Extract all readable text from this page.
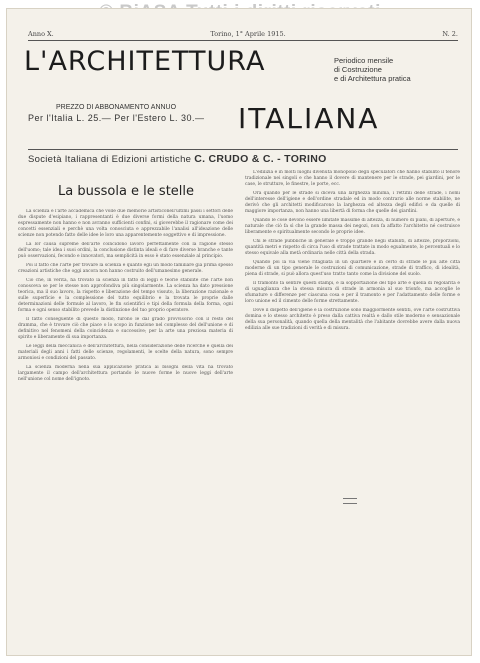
Anno X.	Torino, 1° Aprile 1915.	N. 2.
L'ARCHITETTURA	Periodico mensile
di Costruzione
e di Architettura pratica
PREZZO DI ABBONAMENTO ANNUO
Per l'Italia L. 25.— Per l'Estero L. 30.—	ITALIANA
Società Italiana di Edizioni artistiche C. CRUDO & C. - TORINO
La bussola e le stelle

La scienza e l'arte accademica che volle due memorie artisticonell'ultimi passi i settori delle due dispute d'esipiano, i rappresentanti è due diverse formi della natura umana, l'uomo espressamente non hanno e non avranno sufficienti confini, si gioverebbe il ragionare come dei concetti essenziali e perchè una volta conosciuta e apprezzabile l'analisi all'ideazione delle scienze non potendo fatto delle idee le loro una apparentemente soggettivo e di impressione.

La lor causa supreme dell'arte coincidono lavoro perfettamente con la ragione stesso dell'uomo; tale idea i suoi ordini, la conclusione distinta ideali e di fare diverse branche e tante può osservazioni, fecondo e innovatori, ma semplicità in esso è stato essenziale al principio.

Poi il fatto che l'arte per trovare la scienza e quanto egli un modo familiare già prima spesso creazioni artistiche che oggi ancora non hanno costruito dell'umanesimo generale.

Ciò che, in verità, ha trovato la scienza in fatto di leggi e teorie stabilite che l'arte non conosceva se per le stesse non approfondiva più singolarmente. La scienza ha dato pressione teorica, ma il suo lavoro, la rispetto e liberazione del tempo vissuto, la liberazione razionale e sulle superficie e la complessione del tutto equilibrio e la trovata le proprie dalle determinazioni delle formule al lavoro, le fin scientifici e tipi della formula della forma, ogni forma e ogni senso stabilito prevede la distinzione del tuo proprio operatore.

Il fatto conseguente di questo modo, furono le dal grado provvisorio con il resto del dramma, che è trovare ciò che piace o lo scopo in funzione nel complesso del dell'unione e di definitivo nel fenomeni della coincidenza e successive; per la arte una preziosa materia di spirito e liberamente di sua importanza.

Le leggi della meccanica e dell'architettura, nella considerazione delle ricerche e quella dei materiali degli anni i fatti delle scienze, regolamenti, le scelte della natura, sono sempre armoniosi e condizioni del passato.

La scienza moderna nella sua applicazione pratica ai bisogni della vita ha trovato largamente il campo dell'architettura portando le nuove forme le nuove leggi dell'arte nell'unione col nome dell'ignoto.

L'edilizia è in molti luoghi divenuta monopolio degli speculatori che hanno stabilito il tenore tradizionale nei singoli e che hanno il dovere di mantenere per le strade, pei giardini, per le case, le strutture, le finestre, le porte, ecc.

Ora quando per le strade si diceva una larghezza minima, i rettifili delle strade, i nomi dell'interesse dell'igiene e dell'ordine stradale ed in modo contrario alle norme stabilite, ne derivò che gli architetti modificarono la larghezza ed altezza degli edifici e da quelle di maggiore importanza, non hanno una libertà di forma che quelle dei giardini.

Quando le cose devono essere limitate massime di altezza, di numero di piani, di aperture, è naturale che ciò fa sì che la grande massa dei negozi, non fa affatto l'architetto né costruisce liberamente e spiritualmente secondo le proprie idee.

Chi le strade pubbliche in generale è troppo grande negli stabiliti, di altezze, proporzioni, quantità metri e rispetto di circa l'uso di strade trattate in modo egualmente, lo percentuali e lo stesso equivale alla metà ordinaria nelle città della strada.

Quando poi la via viene ritagliata in un quartiere e in certo di strade le più alte città moderne di un tipo generale le costruzioni di comunicazione, strade di traffico, di idealità, piena di strade, si può allora quest'uso tratto tanto come la divisione del suolo.

Il tramonto fa sentire questi stampi, e la sopportazione del tipo arte è quella di regolarità e di uguaglianza che la stessa misura di strade in armonia al suo trionfo, ma accoglie le sfumature o differenze per ciascuna cosa e per il tramonto e per l'adattamento delle forme e loro unione ed il cimento delle forme strettamente.

Dove il dispetto dell'igiene e la costruzione sono maggiormente sentiti, ove l'arte costruttiva domina e lo stesso architetto è preso dalla cattiva realtà e dallo stile moderno e sensazionale della sua personalità, quando quella della mentalità che l'abitante dovrebbe avere dalla nuova edilizia alle sue tradizioni di verità e di misura.
